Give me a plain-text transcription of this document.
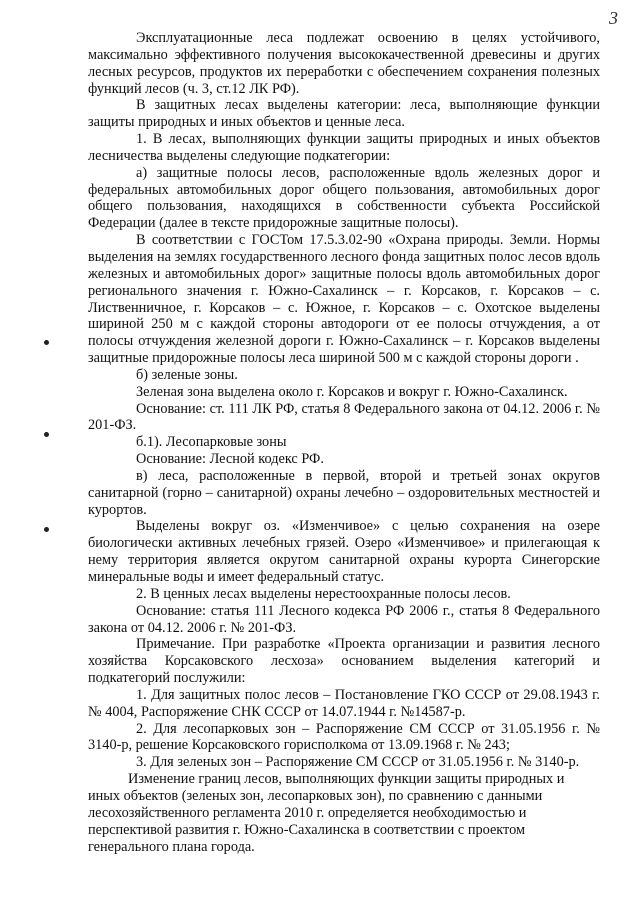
3

Эксплуатационные леса подлежат освоению в целях устойчивого, максимально эффективного получения высококачественной древесины и других лесных ресурсов, продуктов их переработки с обеспечением сохранения полезных функций лесов (ч. 3, ст.12 ЛК РФ).

В защитных лесах выделены категории: леса, выполняющие функции защиты природных и иных объектов и ценные леса.

1. В лесах, выполняющих функции защиты природных и иных объектов лесничества выделены следующие подкатегории:

а) защитные полосы лесов, расположенные вдоль железных дорог и федеральных автомобильных дорог общего пользования, автомобильных дорог общего пользования, находящихся в собственности субъекта Российской Федерации (далее в тексте придорожные защитные полосы).

В соответствии с ГОСТом 17.5.3.02-90 «Охрана природы. Земли. Нормы выделения на землях государственного лесного фонда защитных полос лесов вдоль железных и автомобильных дорог» защитные полосы вдоль автомобильных дорог регионального значения г. Южно-Сахалинск – г. Корсаков, г. Корсаков – с. Лиственничное, г. Корсаков – с. Южное, г. Корсаков – с. Охотское выделены шириной 250 м с каждой стороны автодороги от ее полосы отчуждения, а от полосы отчуждения железной дороги г. Южно-Сахалинск – г. Корсаков выделены защитные придорожные полосы леса шириной 500 м с каждой стороны дороги .

б) зеленые зоны.

Зеленая зона выделена около г. Корсаков и вокруг г. Южно-Сахалинск.

Основание: ст. 111 ЛК РФ, статья 8 Федерального закона от 04.12. 2006 г. № 201-ФЗ.

б.1). Лесопарковые зоны

Основание: Лесной кодекс РФ.

в) леса, расположенные в первой, второй и третьей зонах округов санитарной (горно – санитарной) охраны лечебно – оздоровительных местностей и курортов.

Выделены вокруг оз. «Изменчивое» с целью сохранения на озере биологически активных лечебных грязей. Озеро «Изменчивое» и прилегающая к нему территория является округом санитарной охраны курорта Синегорские минеральные воды и имеет федеральный статус.

2. В ценных лесах выделены нерестоохранные полосы лесов.

Основание: статья 111 Лесного кодекса РФ 2006 г., статья 8 Федерального закона от 04.12. 2006 г. № 201-ФЗ.

Примечание. При разработке «Проекта организации и развития лесного хозяйства Корсаковского лесхоза» основанием выделения категорий и подкатегорий послужили:

1. Для защитных полос лесов – Постановление ГКО СССР от 29.08.1943 г. № 4004, Распоряжение СНК СССР от 14.07.1944 г. №14587-р.

2. Для лесопарковых зон – Распоряжение СМ СССР от 31.05.1956 г. № 3140-р, решение Корсаковского горисполкома от 13.09.1968 г. № 243;

3. Для зеленых зон – Распоряжение СМ СССР от 31.05.1956 г. № 3140-р.

Изменение границ лесов, выполняющих функции защиты природных и иных объектов (зеленых зон, лесопарковых зон), по сравнению с данными лесохозяйственного регламента 2010 г. определяется необходимостью и перспективой развития г. Южно-Сахалинска в соответствии с проектом генерального плана города.
